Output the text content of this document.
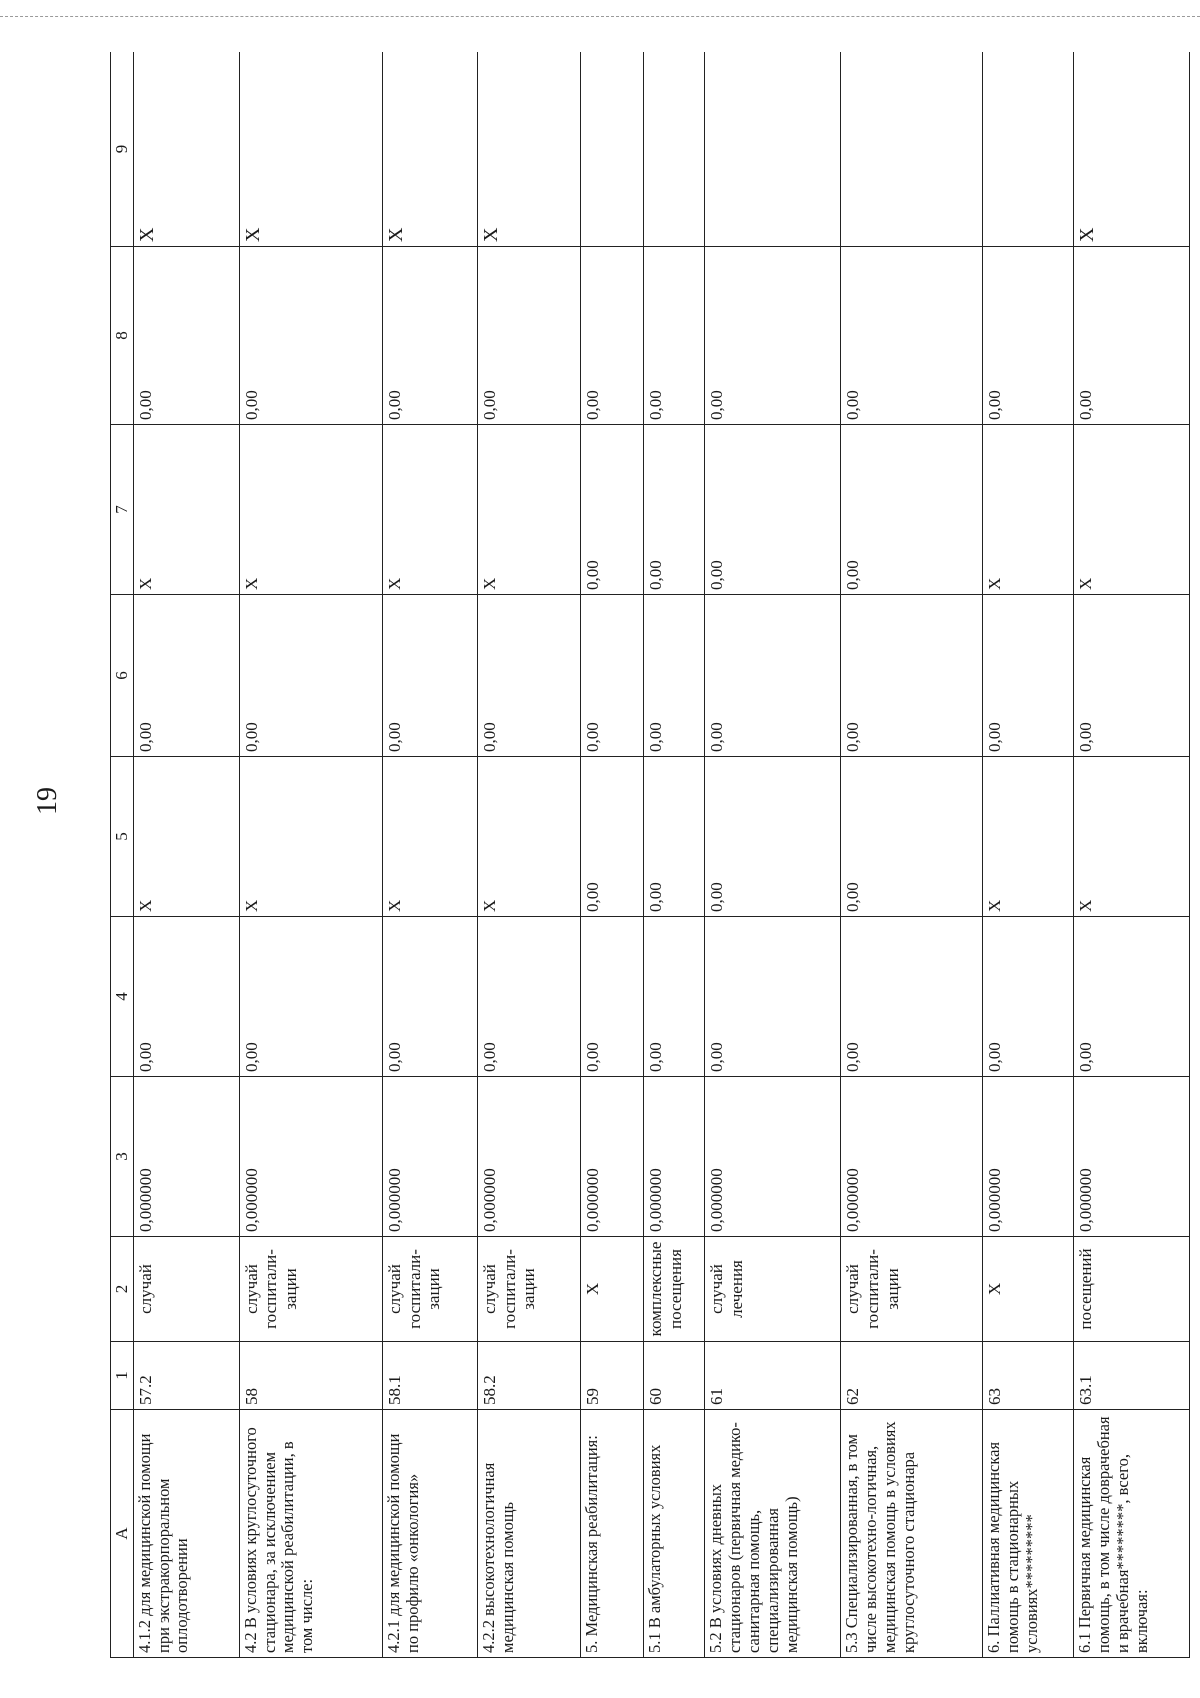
19
А	1	2	3	4	5	6	7	8	9
4.1.2 для медицинской помощи при экстракорпоральном оплодотворении	57.2	случай	0,000000	0,00	X	0,00	X	0,00	X
4.2 В условиях круглосуточного стационара, за исключением медицинской реабилитации, в том числе:	58	случай госпитали-зации	0,000000	0,00	X	0,00	X	0,00	X
4.2.1 для медицинской помощи по профилю «онкология»	58.1	случай госпитали-зации	0,000000	0,00	X	0,00	X	0,00	X
4.2.2 высокотехнологичная медицинская помощь	58.2	случай госпитали-зации	0,000000	0,00	X	0,00	X	0,00	X
5. Медицинская реабилитация:	59	X	0,000000	0,00	0,00	0,00	0,00	0,00	
5.1 В амбулаторных условиях	60	комплексные посещения	0,000000	0,00	0,00	0,00	0,00	0,00	
5.2 В условиях дневных стационаров (первичная медико-санитарная помощь, специализированная медицинская помощь)	61	случай лечения	0,000000	0,00	0,00	0,00	0,00	0,00	
5.3 Специализированная, в том числе высокотехно-логичная, медицинская помощь в условиях круглосуточного стационара	62	случай госпитали-зации	0,000000	0,00	0,00	0,00	0,00	0,00	
6. Паллиативная медицинская помощь в стационарных условиях*********	63	X	0,000000	0,00	X	0,00	X	0,00	
6.1 Первичная медицинская помощь, в том числе доврачебная и врачебная********, всего, включая:	63.1	посещений	0,000000	0,00	X	0,00	X	0,00	X
